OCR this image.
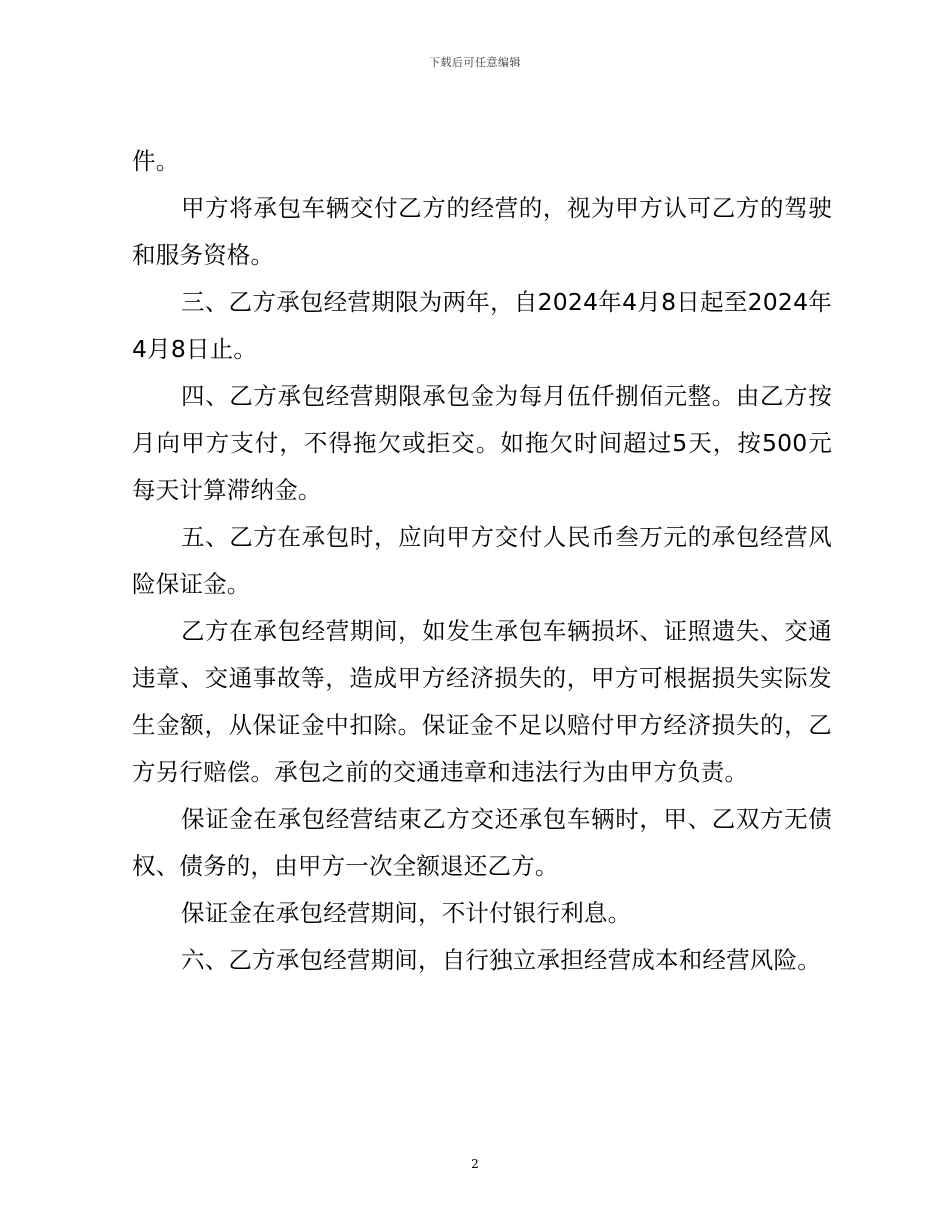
下载后可任意编辑

件。

甲方将承包车辆交付乙方的经营的，视为甲方认可乙方的驾驶和服务资格。

三、乙方承包经营期限为两年，自2024年4月8日起至2024年 4月8日止。

四、乙方承包经营期限承包金为每月伍仟捌佰元整。由乙方按月向甲方支付，不得拖欠或拒交。如拖欠时间超过5天，按500元每天计算滞纳金。

五、乙方在承包时，应向甲方交付人民币叁万元的承包经营风险保证金。

乙方在承包经营期间，如发生承包车辆损坏、证照遗失、交通违章、交通事故等，造成甲方经济损失的，甲方可根据损失实际发生金额，从保证金中扣除。保证金不足以赔付甲方经济损失的，乙方另行赔偿。承包之前的交通违章和违法行为由甲方负责。

保证金在承包经营结束乙方交还承包车辆时，甲、乙双方无债权、债务的，由甲方一次全额退还乙方。

保证金在承包经营期间，不计付银行利息。

六、乙方承包经营期间，自行独立承担经营成本和经营风险。

2
